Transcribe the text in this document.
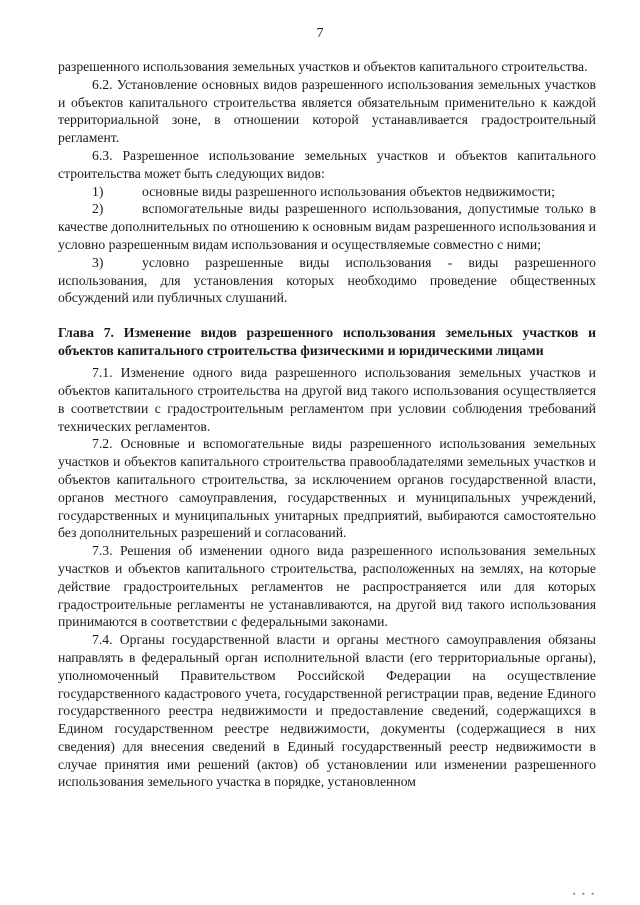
7

разрешенного использования земельных участков и объектов капитального строительства.

6.2. Установление основных видов разрешенного использования земельных участков и объектов капитального строительства является обязательным применительно к каждой территориальной зоне, в отношении которой устанавливается градостроительный регламент.

6.3. Разрешенное использование земельных участков и объектов капитального строительства может быть следующих видов:

1)	основные виды разрешенного использования объектов недвижимости;

2)	вспомогательные виды разрешенного использования, допустимые только в качестве дополнительных по отношению к основным видам разрешенного использования и условно разрешенным видам использования и осуществляемые совместно с ними;

3)	условно разрешенные виды использования - виды разрешенного использования, для установления которых необходимо проведение общественных обсуждений или публичных слушаний.

Глава 7. Изменение видов разрешенного использования земельных участков и объектов капитального строительства физическими и юридическими лицами

7.1. Изменение одного вида разрешенного использования земельных участков и объектов капитального строительства на другой вид такого использования осуществляется в соответствии с градостроительным регламентом при условии соблюдения требований технических регламентов.

7.2. Основные и вспомогательные виды разрешенного использования земельных участков и объектов капитального строительства правообладателями земельных участков и объектов капитального строительства, за исключением органов государственной власти, органов местного самоуправления, государственных и муниципальных учреждений, государственных и муниципальных унитарных предприятий, выбираются самостоятельно без дополнительных разрешений и согласований.

7.3. Решения об изменении одного вида разрешенного использования земельных участков и объектов капитального строительства, расположенных на землях, на которые действие градостроительных регламентов не распространяется или для которых градостроительные регламенты не устанавливаются, на другой вид такого использования принимаются в соответствии с федеральными законами.

7.4. Органы государственной власти и органы местного самоуправления обязаны направлять в федеральный орган исполнительной власти (его территориальные органы), уполномоченный Правительством Российской Федерации на осуществление государственного кадастрового учета, государственной регистрации прав, ведение Единого государственного реестра недвижимости и предоставление сведений, содержащихся в Едином государственном реестре недвижимости, документы (содержащиеся в них сведения) для внесения сведений в Единый государственный реестр недвижимости в случае принятия ими решений (актов) об установлении или изменении разрешенного использования земельного участка в порядке, установленном

• • •
